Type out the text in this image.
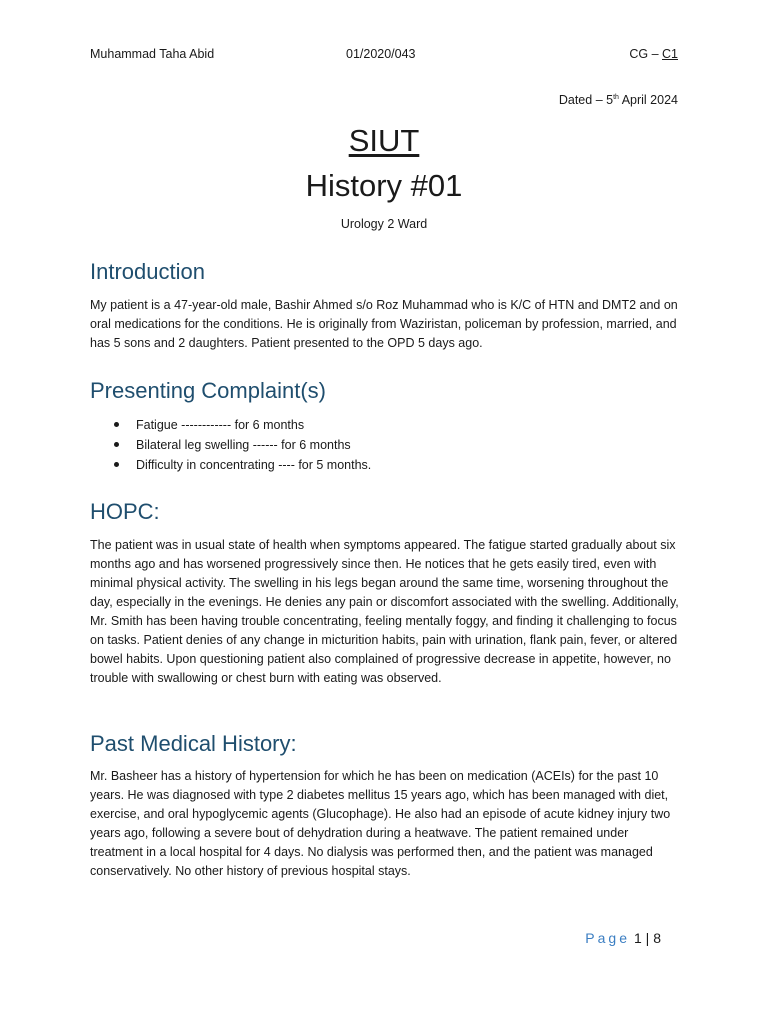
Muhammad Taha Abid	01/2020/043	CG – C1
Dated – 5th April 2024
SIUT
History #01
Urology 2 Ward
Introduction

My patient is a 47-year-old male, Bashir Ahmed s/o Roz Muhammad who is K/C of HTN and DMT2 and on oral medications for the conditions. He is originally from Waziristan, policeman by profession, married, and has 5 sons and 2 daughters. Patient presented to the OPD 5 days ago.

Presenting Complaint(s)
Fatigue ------------ for 6 months
Bilateral leg swelling ------ for 6 months
Difficulty in concentrating ---- for 5 months.
HOPC:

The patient was in usual state of health when symptoms appeared. The fatigue started gradually about six months ago and has worsened progressively since then. He notices that he gets easily tired, even with minimal physical activity. The swelling in his legs began around the same time, worsening throughout the day, especially in the evenings. He denies any pain or discomfort associated with the swelling. Additionally, Mr. Smith has been having trouble concentrating, feeling mentally foggy, and finding it challenging to focus on tasks. Patient denies of any change in micturition habits, pain with urination, flank pain, fever, or altered bowel habits. Upon questioning patient also complained of progressive decrease in appetite, however, no trouble with swallowing or chest burn with eating was observed.

Past Medical History:

Mr. Basheer has a history of hypertension for which he has been on medication (ACEIs) for the past 10 years. He was diagnosed with type 2 diabetes mellitus 15 years ago, which has been managed with diet, exercise, and oral hypoglycemic agents (Glucophage). He also had an episode of acute kidney injury two years ago, following a severe bout of dehydration during a heatwave. The patient remained under treatment in a local hospital for 4 days. No dialysis was performed then, and the patient was managed conservatively. No other history of previous hospital stays.

Page 1 | 8
